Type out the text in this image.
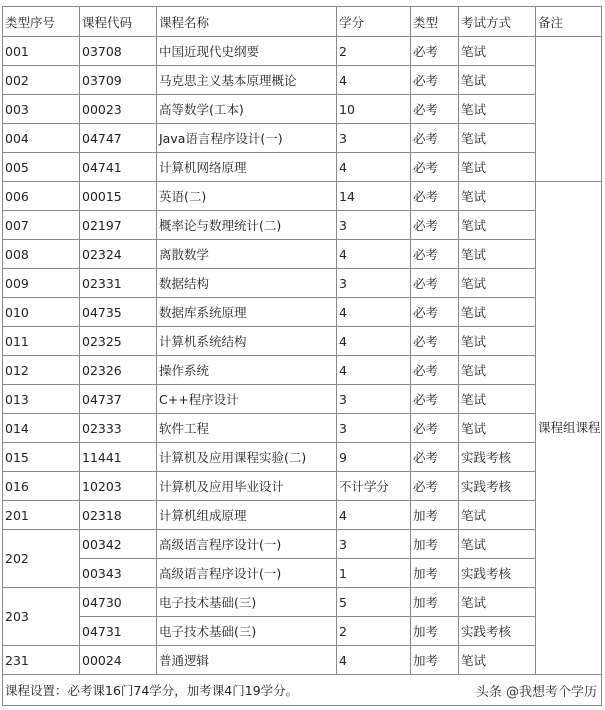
类型序号	课程代码	课程名称	学分	类型	考试方式	备注
001	03708	中国近现代史纲要	2	必考	笔试	
002	03709	马克思主义基本原理概论	4	必考	笔试	
003	00023	高等数学(工本)	10	必考	笔试	
004	04747	Java语言程序设计(一)	3	必考	笔试	
005	04741	计算机网络原理	4	必考	笔试	
006	00015	英语(二)	14	必考	笔试	课程组课程
007	02197	概率论与数理统计(二)	3	必考	笔试	
008	02324	离散数学	4	必考	笔试	
009	02331	数据结构	3	必考	笔试	
010	04735	数据库系统原理	4	必考	笔试	
011	02325	计算机系统结构	4	必考	笔试	
012	02326	操作系统	4	必考	笔试	
013	04737	C++程序设计	3	必考	笔试	
014	02333	软件工程	3	必考	笔试	
015	11441	计算机及应用课程实验(二)	9	必考	实践考核	
016	10203	计算机及应用毕业设计	不计学分	必考	实践考核	
201	02318	计算机组成原理	4	加考	笔试	
202	00342	高级语言程序设计(一)	3	加考	笔试	
	00343	高级语言程序设计(一)	1	加考	实践考核	
203	04730	电子技术基础(三)	5	加考	笔试	
	04731	电子技术基础(三)	2	加考	实践考核	
231	00024	普通逻辑	4	加考	笔试	
课程设置：必考课16门74学分，加考课4门19学分。							头条 @我想考个学历
